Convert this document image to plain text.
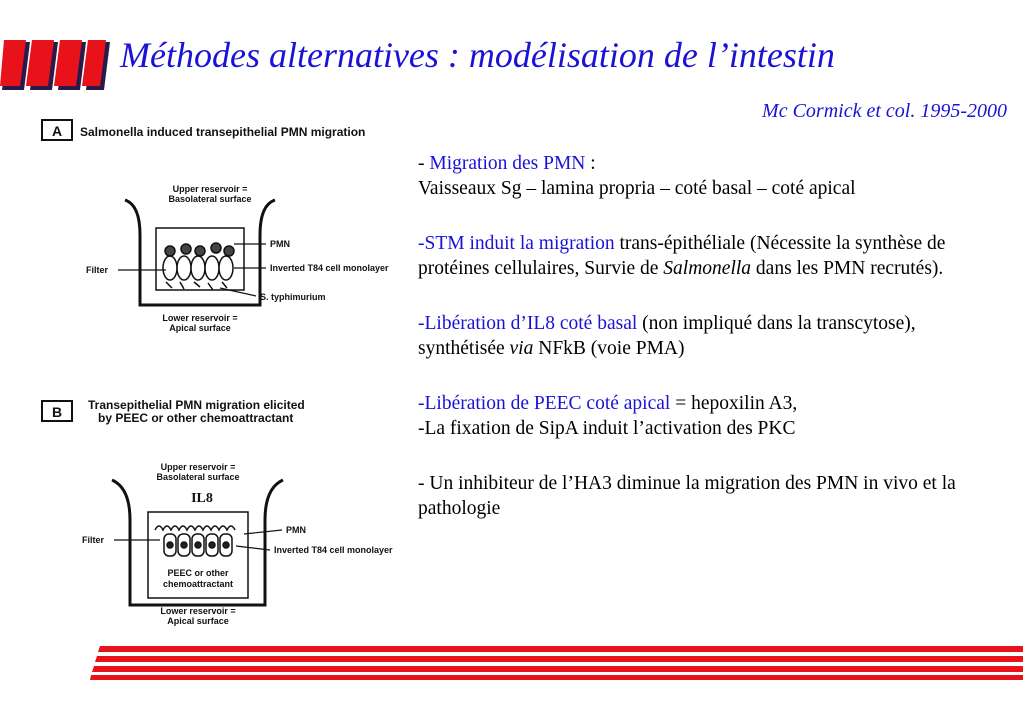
Méthodes alternatives : modélisation de l’intestin
Mc Cormick et col. 1995-2000
A Salmonella induced transepithelial PMN migration
Upper reservoir =
Basolateral surface
Filter
PMN
Inverted T84 cell monolayer
S. typhimurium
Lower reservoir =
Apical surface
B Transepithelial PMN migration elicited
by PEEC or other chemoattractant
Upper reservoir =
Basolateral surface
IL8
Filter
PMN
Inverted T84 cell monolayer
PEEC or other
chemoattractant
Lower reservoir =
Apical surface

- Migration des PMN :
Vaisseaux Sg – lamina propria – coté basal – coté apical

-STM induit la migration trans-épithéliale (Nécessite la synthèse de protéines cellulaires, Survie de Salmonella dans les PMN recrutés).

-Libération d’IL8 coté basal (non impliqué dans la transcytose), synthétisée via NFkB (voie PMA)

-Libération de PEEC coté apical = hepoxilin A3,
-La fixation de SipA induit l’activation des PKC

- Un inhibiteur de l’HA3 diminue la migration des PMN in vivo et la pathologie
